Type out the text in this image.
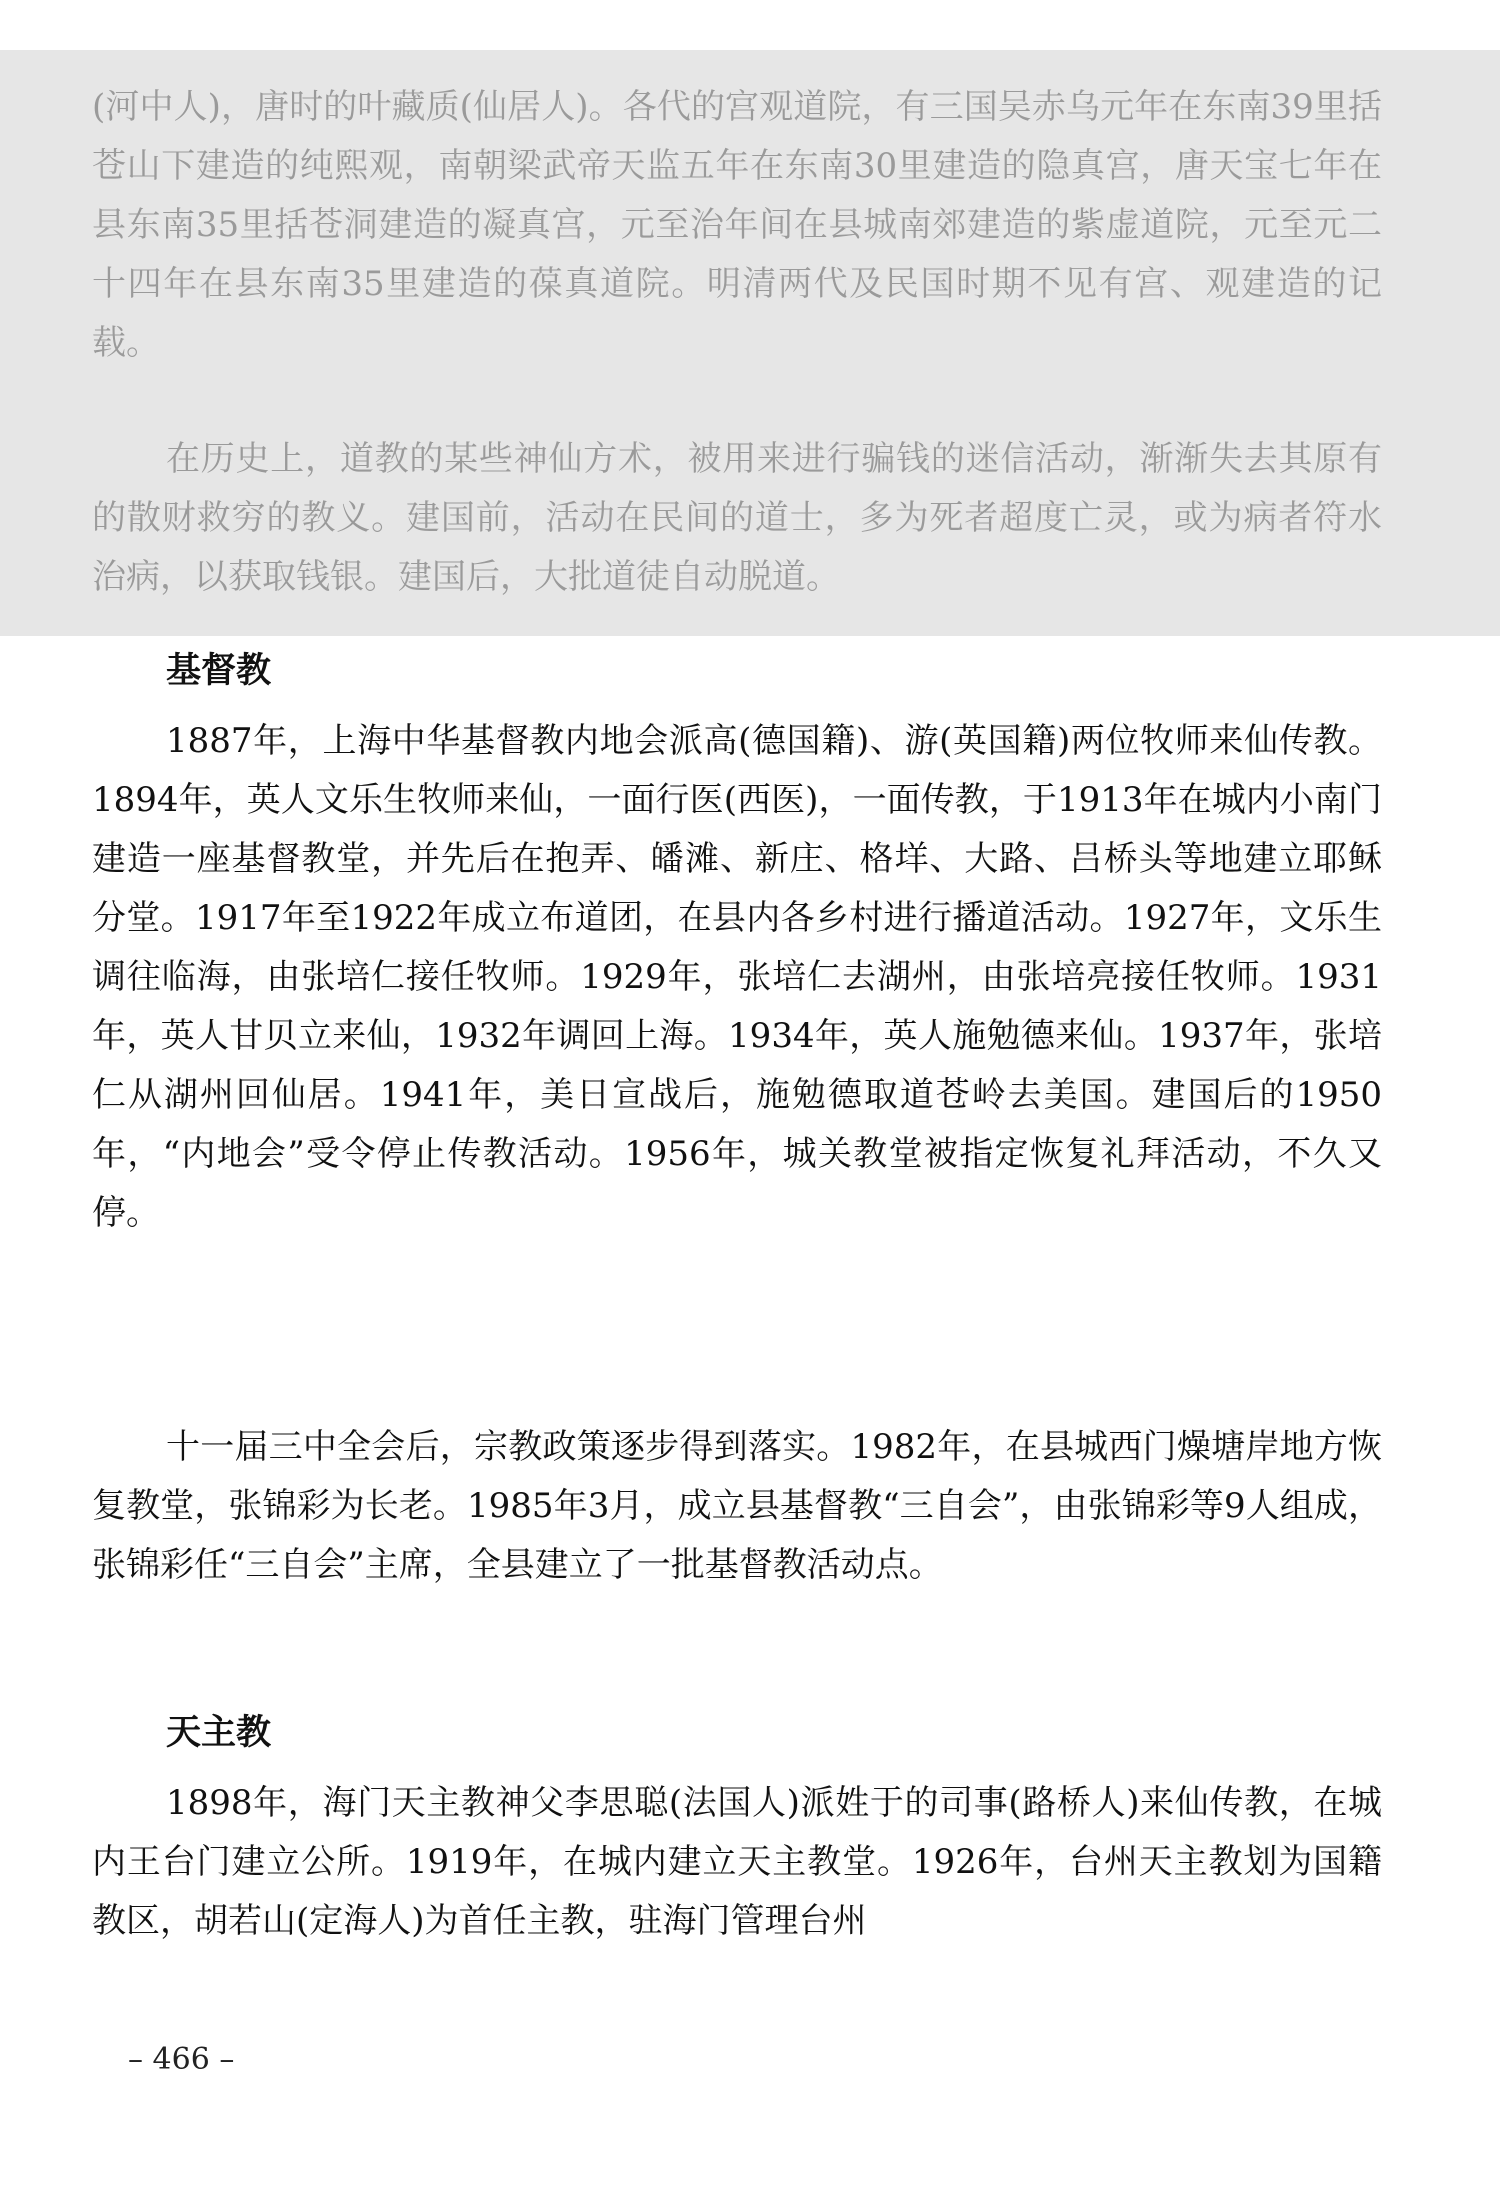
(河中人)，唐时的叶藏质(仙居人)。各代的宫观道院，有三国吴赤乌元年在东南39里括苍山下建造的纯熙观，南朝梁武帝天监五年在东南30里建造的隐真宫，唐天宝七年在县东南35里括苍洞建造的凝真宫，元至治年间在县城南郊建造的紫虚道院，元至元二十四年在县东南35里建造的葆真道院。明清两代及民国时期不见有宫、观建造的记载。

在历史上，道教的某些神仙方术，被用来进行骗钱的迷信活动，渐渐失去其原有的散财救穷的教义。建国前，活动在民间的道士，多为死者超度亡灵，或为病者符水治病，以获取钱银。建国后，大批道徒自动脱道。

基督教

1887年，上海中华基督教内地会派高(德国籍)、游(英国籍)两位牧师来仙传教。1894年，英人文乐生牧师来仙，一面行医(西医)，一面传教，于1913年在城内小南门建造一座基督教堂，并先后在抱弄、皤滩、新庄、格垟、大路、吕桥头等地建立耶稣分堂。1917年至1922年成立布道团，在县内各乡村进行播道活动。1927年，文乐生调往临海，由张培仁接任牧师。1929年，张培仁去湖州，由张培亮接任牧师。1931年，英人甘贝立来仙，1932年调回上海。1934年，英人施勉德来仙。1937年，张培仁从湖州回仙居。1941年，美日宣战后，施勉德取道苍岭去美国。建国后的1950年，“内地会”受令停止传教活动。1956年，城关教堂被指定恢复礼拜活动，不久又停。

十一届三中全会后，宗教政策逐步得到落实。1982年，在县城西门燥塘岸地方恢复教堂，张锦彩为长老。1985年3月，成立县基督教“三自会”，由张锦彩等9人组成，张锦彩任“三自会”主席，全县建立了一批基督教活动点。

天主教

1898年，海门天主教神父李思聪(法国人)派姓于的司事(路桥人)来仙传教，在城内王台门建立公所。1919年，在城内建立天主教堂。1926年，台州天主教划为国籍教区，胡若山(定海人)为首任主教，驻海门管理台州

– 466 –
